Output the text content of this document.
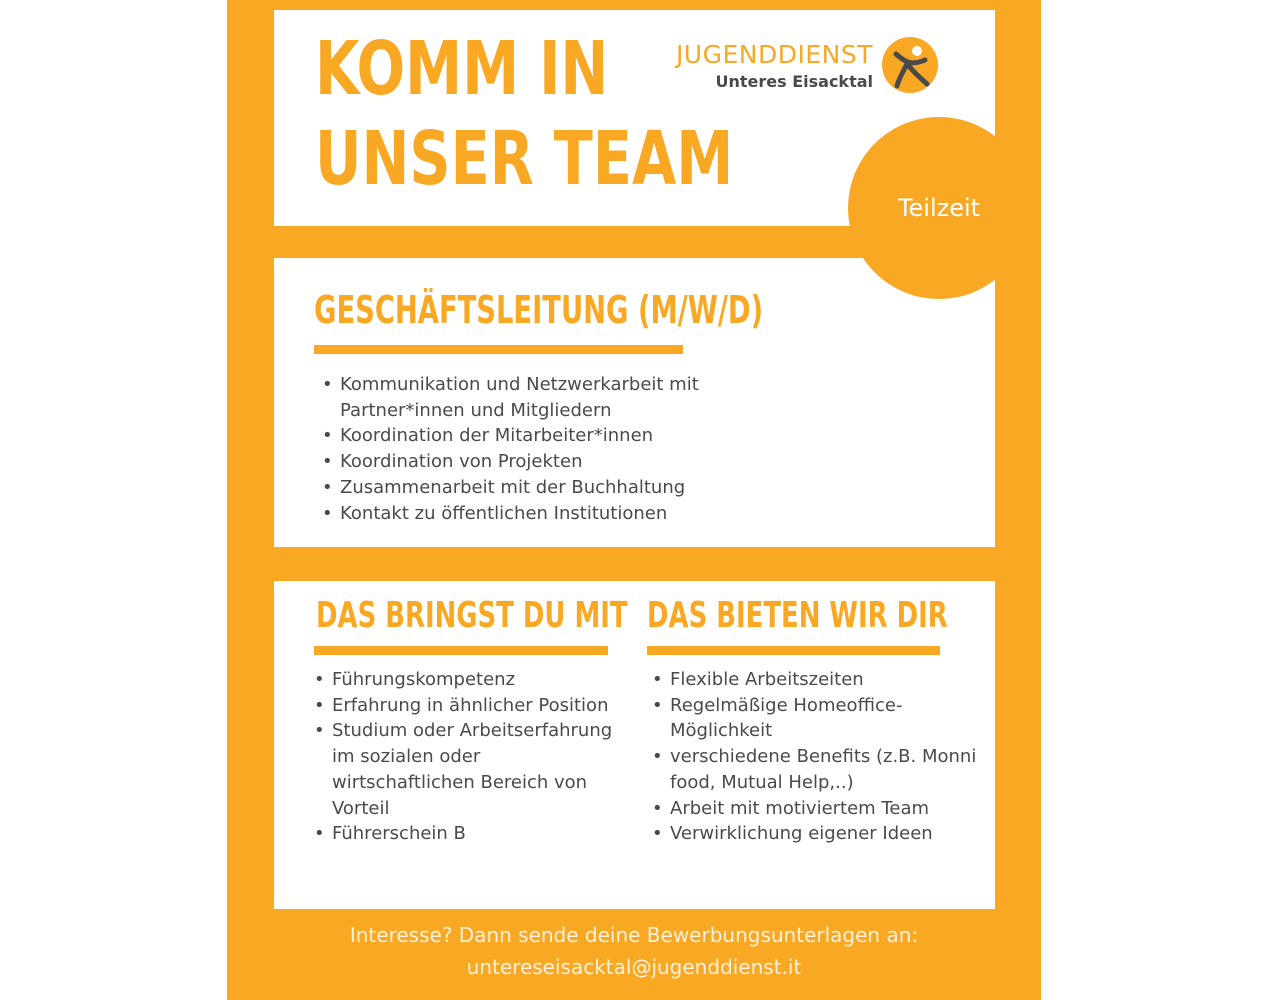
KOMM IN
UNSER TEAM
JUGENDDIENST
Unteres Eisacktal
Teilzeit
GESCHÄFTSLEITUNG (M/W/D)
• Kommunikation und Netzwerkarbeit mit Partner*innen und Mitgliedern
• Koordination der Mitarbeiter*innen
• Koordination von Projekten
• Zusammenarbeit mit der Buchhaltung
• Kontakt zu öffentlichen Institutionen
DAS BRINGST DU MIT
• Führungskompetenz
• Erfahrung in ähnlicher Position
• Studium oder Arbeitserfahrung im sozialen oder wirtschaftlichen Bereich von Vorteil
• Führerschein B
DAS BIETEN WIR DIR
• Flexible Arbeitszeiten
• Regelmäßige Homeoffice-Möglichkeit
• verschiedene Benefits (z.B. Monni food, Mutual Help,..)
• Arbeit mit motiviertem Team
• Verwirklichung eigener Ideen
Interesse? Dann sende deine Bewerbungsunterlagen an:
untereseisacktal@jugenddienst.it
